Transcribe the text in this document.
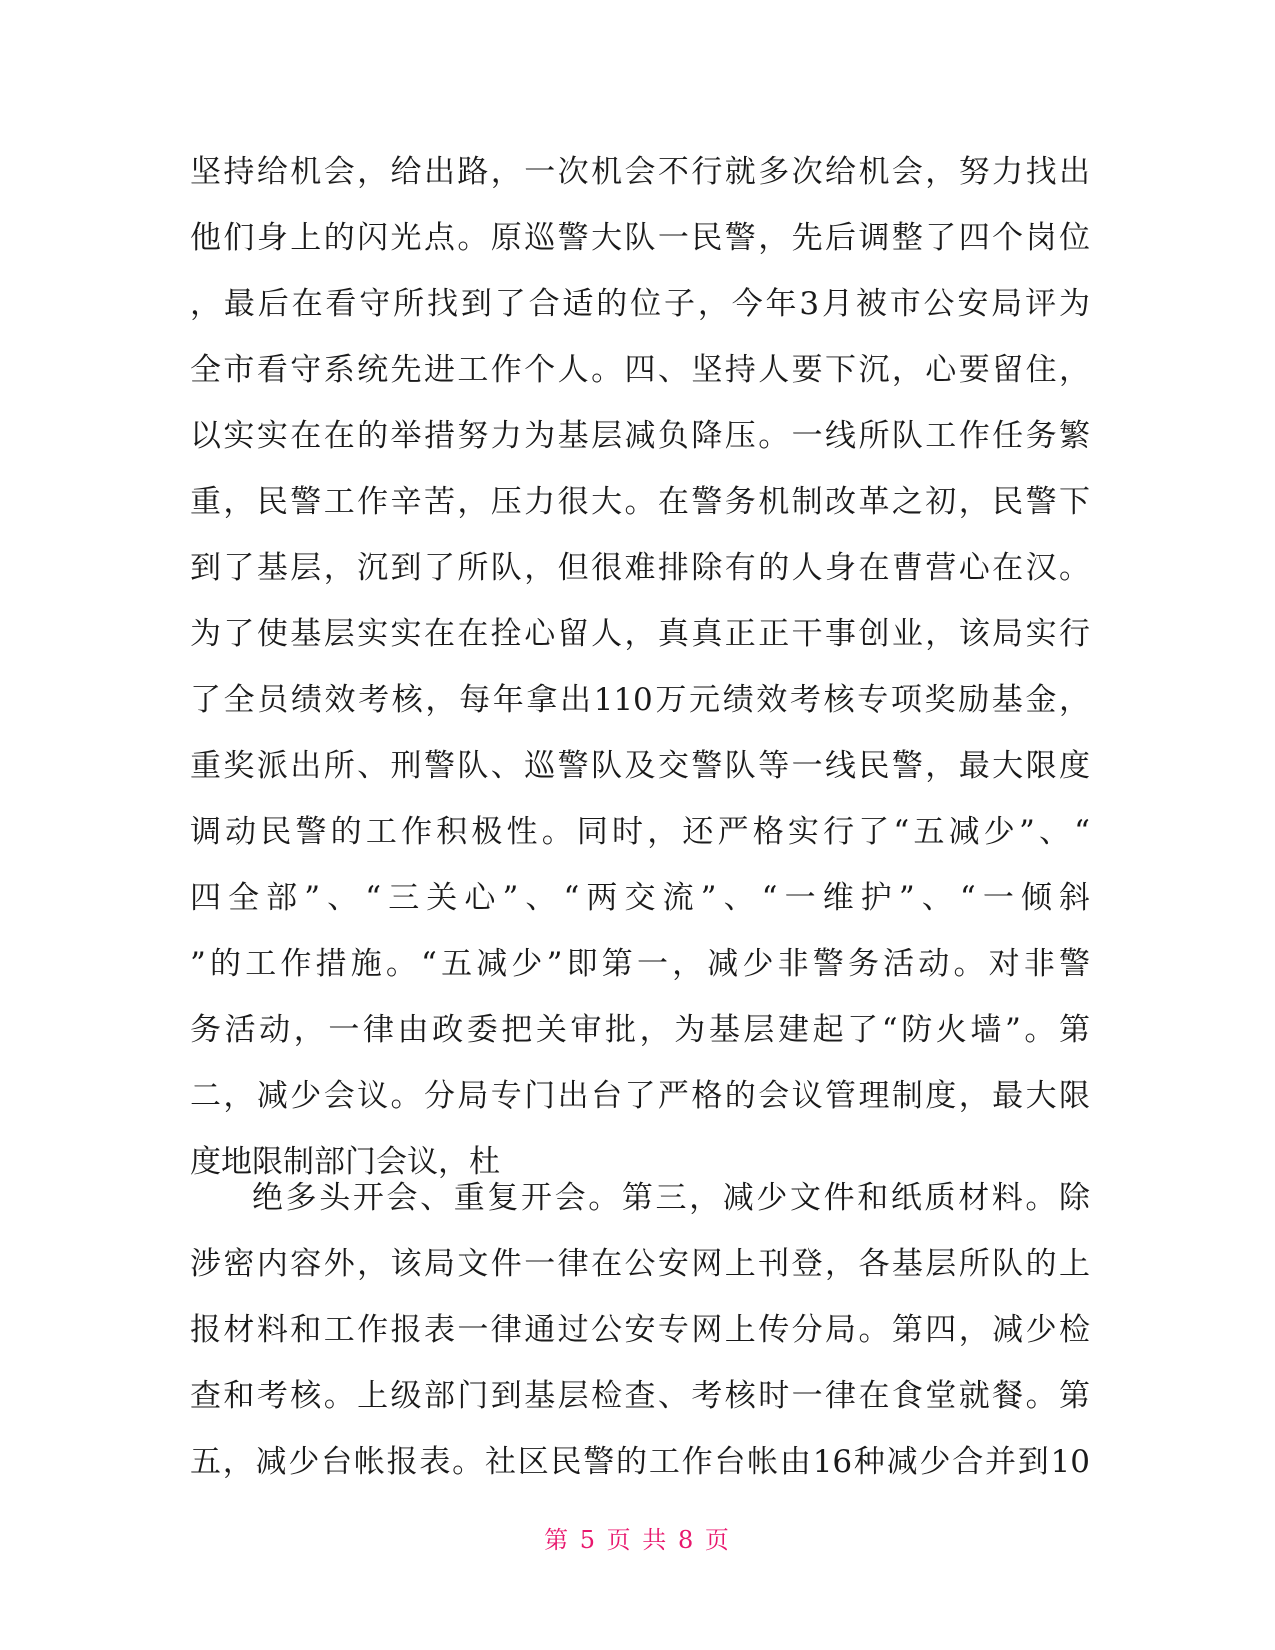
坚持给机会，给出路，一次机会不行就多次给机会，努力找出
他们身上的闪光点。原巡警大队一民警，先后调整了四个岗位
，最后在看守所找到了合适的位子，今年3月被市公安局评为
全市看守系统先进工作个人。四、坚持人要下沉，心要留住，
以实实在在的举措努力为基层减负降压。一线所队工作任务繁
重，民警工作辛苦，压力很大。在警务机制改革之初，民警下
到了基层，沉到了所队，但很难排除有的人身在曹营心在汉。
为了使基层实实在在拴心留人，真真正正干事创业，该局实行
了全员绩效考核，每年拿出110万元绩效考核专项奖励基金，
重奖派出所、刑警队、巡警队及交警队等一线民警，最大限度
调动民警的工作积极性。同时，还严格实行了“五减少”、“
四全部”、“三关心”、“两交流”、“一维护”、“一倾斜
”的工作措施。“五减少”即第一，减少非警务活动。对非警
务活动，一律由政委把关审批，为基层建起了“防火墙”。第
二，减少会议。分局专门出台了严格的会议管理制度，最大限
度地限制部门会议，杜
绝多头开会、重复开会。第三，减少文件和纸质材料。除
涉密内容外，该局文件一律在公安网上刊登，各基层所队的上
报材料和工作报表一律通过公安专网上传分局。第四，减少检
查和考核。上级部门到基层检查、考核时一律在食堂就餐。第
五，减少台帐报表。社区民警的工作台帐由16种减少合并到10
第 5 页 共 8 页
